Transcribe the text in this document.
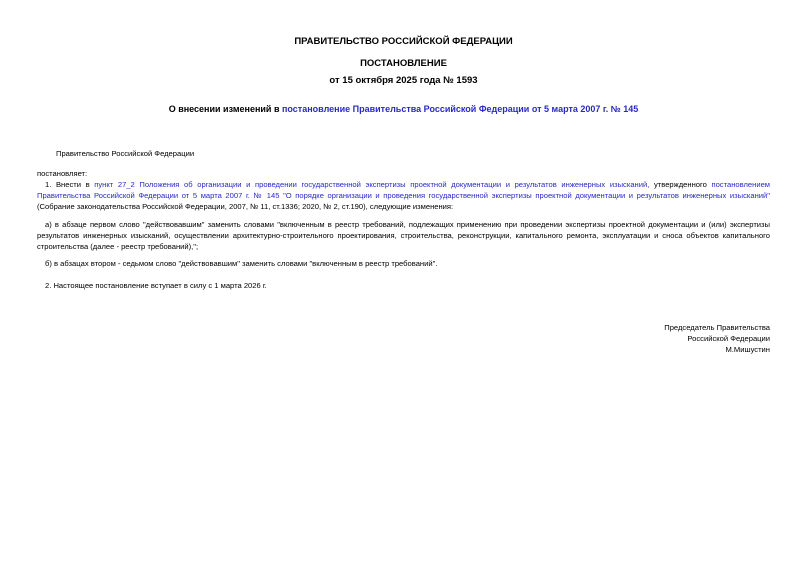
ПРАВИТЕЛЬСТВО РОССИЙСКОЙ ФЕДЕРАЦИИ
ПОСТАНОВЛЕНИЕ
от 15 октября 2025 года № 1593
О внесении изменений в постановление Правительства Российской Федерации от 5 марта 2007 г. № 145

Правительство Российской Федерации

постановляет:

1. Внести в пункт 27_2 Положения об организации и проведении государственной экспертизы проектной документации и результатов инженерных изысканий, утвержденного постановлением Правительства Российской Федерации от 5 марта 2007 г. № 145 "О порядке организации и проведения государственной экспертизы проектной документации и результатов инженерных изысканий" (Собрание законодательства Российской Федерации, 2007, № 11, ст.1336; 2020, № 2, ст.190), следующие изменения:

а) в абзаце первом слово "действовавшим" заменить словами "включенным в реестр требований, подлежащих применению при проведении экспертизы проектной документации и (или) экспертизы результатов инженерных изысканий, осуществлении архитектурно-строительного проектирования, строительства, реконструкции, капитального ремонта, эксплуатации и сноса объектов капитального строительства (далее - реестр требований),";

б) в абзацах втором - седьмом слово "действовавшим" заменить словами "включенным в реестр требований".

2. Настоящее постановление вступает в силу с 1 марта 2026 г.

Председатель Правительства
Российской Федерации
М.Мишустин
